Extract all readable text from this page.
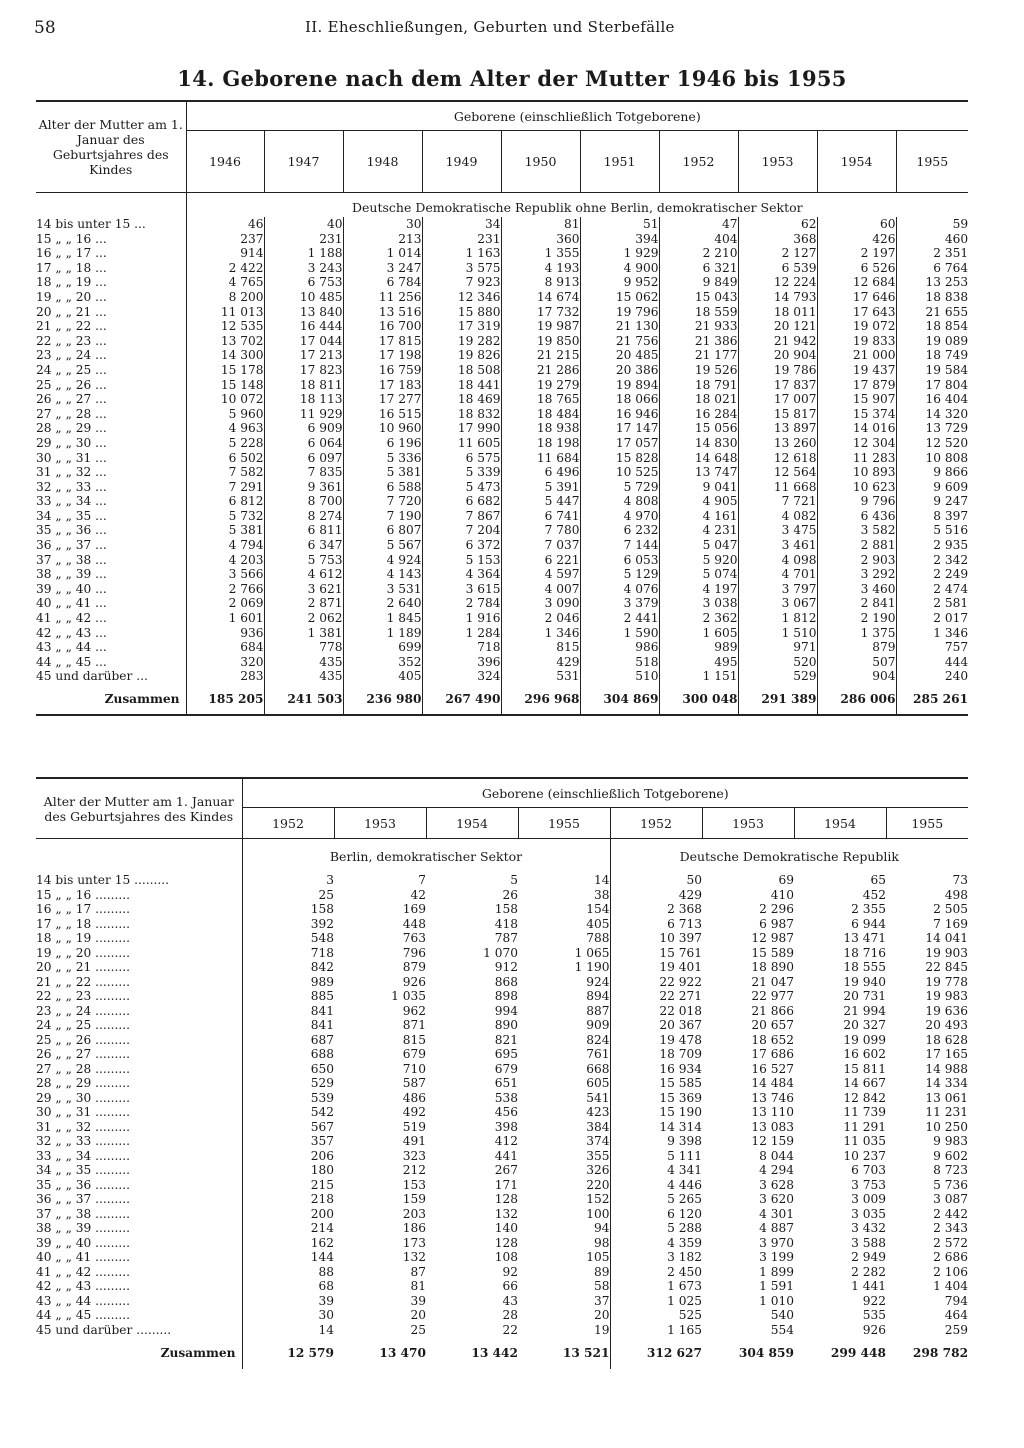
58	II. Eheschließungen, Geburten und Sterbefälle
14. Geborene nach dem Alter der Mutter 1946 bis 1955
Alter der Mutter am 1. Januar des Geburtsjahres des Kindes	Geborene (einschließlich Totgeborene)									
	1946	1947	1948	1949	1950	1951	1952	1953	1954	1955
	Deutsche Demokratische Republik ohne Berlin, demokratischer Sektor									
14 bis unter 15 ...	46	40	30	34	81	51	47	62	60	59
15 „ „ 16 ...	237	231	213	231	360	394	404	368	426	460
16 „ „ 17 ...	914	1 188	1 014	1 163	1 355	1 929	2 210	2 127	2 197	2 351
17 „ „ 18 ...	2 422	3 243	3 247	3 575	4 193	4 900	6 321	6 539	6 526	6 764
18 „ „ 19 ...	4 765	6 753	6 784	7 923	8 913	9 952	9 849	12 224	12 684	13 253
19 „ „ 20 ...	8 200	10 485	11 256	12 346	14 674	15 062	15 043	14 793	17 646	18 838
20 „ „ 21 ...	11 013	13 840	13 516	15 880	17 732	19 796	18 559	18 011	17 643	21 655
21 „ „ 22 ...	12 535	16 444	16 700	17 319	19 987	21 130	21 933	20 121	19 072	18 854
22 „ „ 23 ...	13 702	17 044	17 815	19 282	19 850	21 756	21 386	21 942	19 833	19 089
23 „ „ 24 ...	14 300	17 213	17 198	19 826	21 215	20 485	21 177	20 904	21 000	18 749
24 „ „ 25 ...	15 178	17 823	16 759	18 508	21 286	20 386	19 526	19 786	19 437	19 584
25 „ „ 26 ...	15 148	18 811	17 183	18 441	19 279	19 894	18 791	17 837	17 879	17 804
26 „ „ 27 ...	10 072	18 113	17 277	18 469	18 765	18 066	18 021	17 007	15 907	16 404
27 „ „ 28 ...	5 960	11 929	16 515	18 832	18 484	16 946	16 284	15 817	15 374	14 320
28 „ „ 29 ...	4 963	6 909	10 960	17 990	18 938	17 147	15 056	13 897	14 016	13 729
29 „ „ 30 ...	5 228	6 064	6 196	11 605	18 198	17 057	14 830	13 260	12 304	12 520
30 „ „ 31 ...	6 502	6 097	5 336	6 575	11 684	15 828	14 648	12 618	11 283	10 808
31 „ „ 32 ...	7 582	7 835	5 381	5 339	6 496	10 525	13 747	12 564	10 893	9 866
32 „ „ 33 ...	7 291	9 361	6 588	5 473	5 391	5 729	9 041	11 668	10 623	9 609
33 „ „ 34 ...	6 812	8 700	7 720	6 682	5 447	4 808	4 905	7 721	9 796	9 247
34 „ „ 35 ...	5 732	8 274	7 190	7 867	6 741	4 970	4 161	4 082	6 436	8 397
35 „ „ 36 ...	5 381	6 811	6 807	7 204	7 780	6 232	4 231	3 475	3 582	5 516
36 „ „ 37 ...	4 794	6 347	5 567	6 372	7 037	7 144	5 047	3 461	2 881	2 935
37 „ „ 38 ...	4 203	5 753	4 924	5 153	6 221	6 053	5 920	4 098	2 903	2 342
38 „ „ 39 ...	3 566	4 612	4 143	4 364	4 597	5 129	5 074	4 701	3 292	2 249
39 „ „ 40 ...	2 766	3 621	3 531	3 615	4 007	4 076	4 197	3 797	3 460	2 474
40 „ „ 41 ...	2 069	2 871	2 640	2 784	3 090	3 379	3 038	3 067	2 841	2 581
41 „ „ 42 ...	1 601	2 062	1 845	1 916	2 046	2 441	2 362	1 812	2 190	2 017
42 „ „ 43 ...	936	1 381	1 189	1 284	1 346	1 590	1 605	1 510	1 375	1 346
43 „ „ 44 ...	684	778	699	718	815	986	989	971	879	757
44 „ „ 45 ...	320	435	352	396	429	518	495	520	507	444
45 und darüber ...	283	435	405	324	531	510	1 151	529	904	240
Zusammen	185 205	241 503	236 980	267 490	296 968	304 869	300 048	291 389	286 006	285 261
Alter der Mutter am 1. Januar des Geburtsjahres des Kindes	Geborene (einschließlich Totgeborene)							
	1952	1953	1954	1955	1952	1953	1954	1955
	Berlin, demokratischer Sektor				Deutsche Demokratische Republik			
14 bis unter 15 .........	3	7	5	14	50	69	65	73
15 „ „ 16 .........	25	42	26	38	429	410	452	498
16 „ „ 17 .........	158	169	158	154	2 368	2 296	2 355	2 505
17 „ „ 18 .........	392	448	418	405	6 713	6 987	6 944	7 169
18 „ „ 19 .........	548	763	787	788	10 397	12 987	13 471	14 041
19 „ „ 20 .........	718	796	1 070	1 065	15 761	15 589	18 716	19 903
20 „ „ 21 .........	842	879	912	1 190	19 401	18 890	18 555	22 845
21 „ „ 22 .........	989	926	868	924	22 922	21 047	19 940	19 778
22 „ „ 23 .........	885	1 035	898	894	22 271	22 977	20 731	19 983
23 „ „ 24 .........	841	962	994	887	22 018	21 866	21 994	19 636
24 „ „ 25 .........	841	871	890	909	20 367	20 657	20 327	20 493
25 „ „ 26 .........	687	815	821	824	19 478	18 652	19 099	18 628
26 „ „ 27 .........	688	679	695	761	18 709	17 686	16 602	17 165
27 „ „ 28 .........	650	710	679	668	16 934	16 527	15 811	14 988
28 „ „ 29 .........	529	587	651	605	15 585	14 484	14 667	14 334
29 „ „ 30 .........	539	486	538	541	15 369	13 746	12 842	13 061
30 „ „ 31 .........	542	492	456	423	15 190	13 110	11 739	11 231
31 „ „ 32 .........	567	519	398	384	14 314	13 083	11 291	10 250
32 „ „ 33 .........	357	491	412	374	9 398	12 159	11 035	9 983
33 „ „ 34 .........	206	323	441	355	5 111	8 044	10 237	9 602
34 „ „ 35 .........	180	212	267	326	4 341	4 294	6 703	8 723
35 „ „ 36 .........	215	153	171	220	4 446	3 628	3 753	5 736
36 „ „ 37 .........	218	159	128	152	5 265	3 620	3 009	3 087
37 „ „ 38 .........	200	203	132	100	6 120	4 301	3 035	2 442
38 „ „ 39 .........	214	186	140	94	5 288	4 887	3 432	2 343
39 „ „ 40 .........	162	173	128	98	4 359	3 970	3 588	2 572
40 „ „ 41 .........	144	132	108	105	3 182	3 199	2 949	2 686
41 „ „ 42 .........	88	87	92	89	2 450	1 899	2 282	2 106
42 „ „ 43 .........	68	81	66	58	1 673	1 591	1 441	1 404
43 „ „ 44 .........	39	39	43	37	1 025	1 010	922	794
44 „ „ 45 .........	30	20	28	20	525	540	535	464
45 und darüber .........	14	25	22	19	1 165	554	926	259
Zusammen	12 579	13 470	13 442	13 521	312 627	304 859	299 448	298 782
